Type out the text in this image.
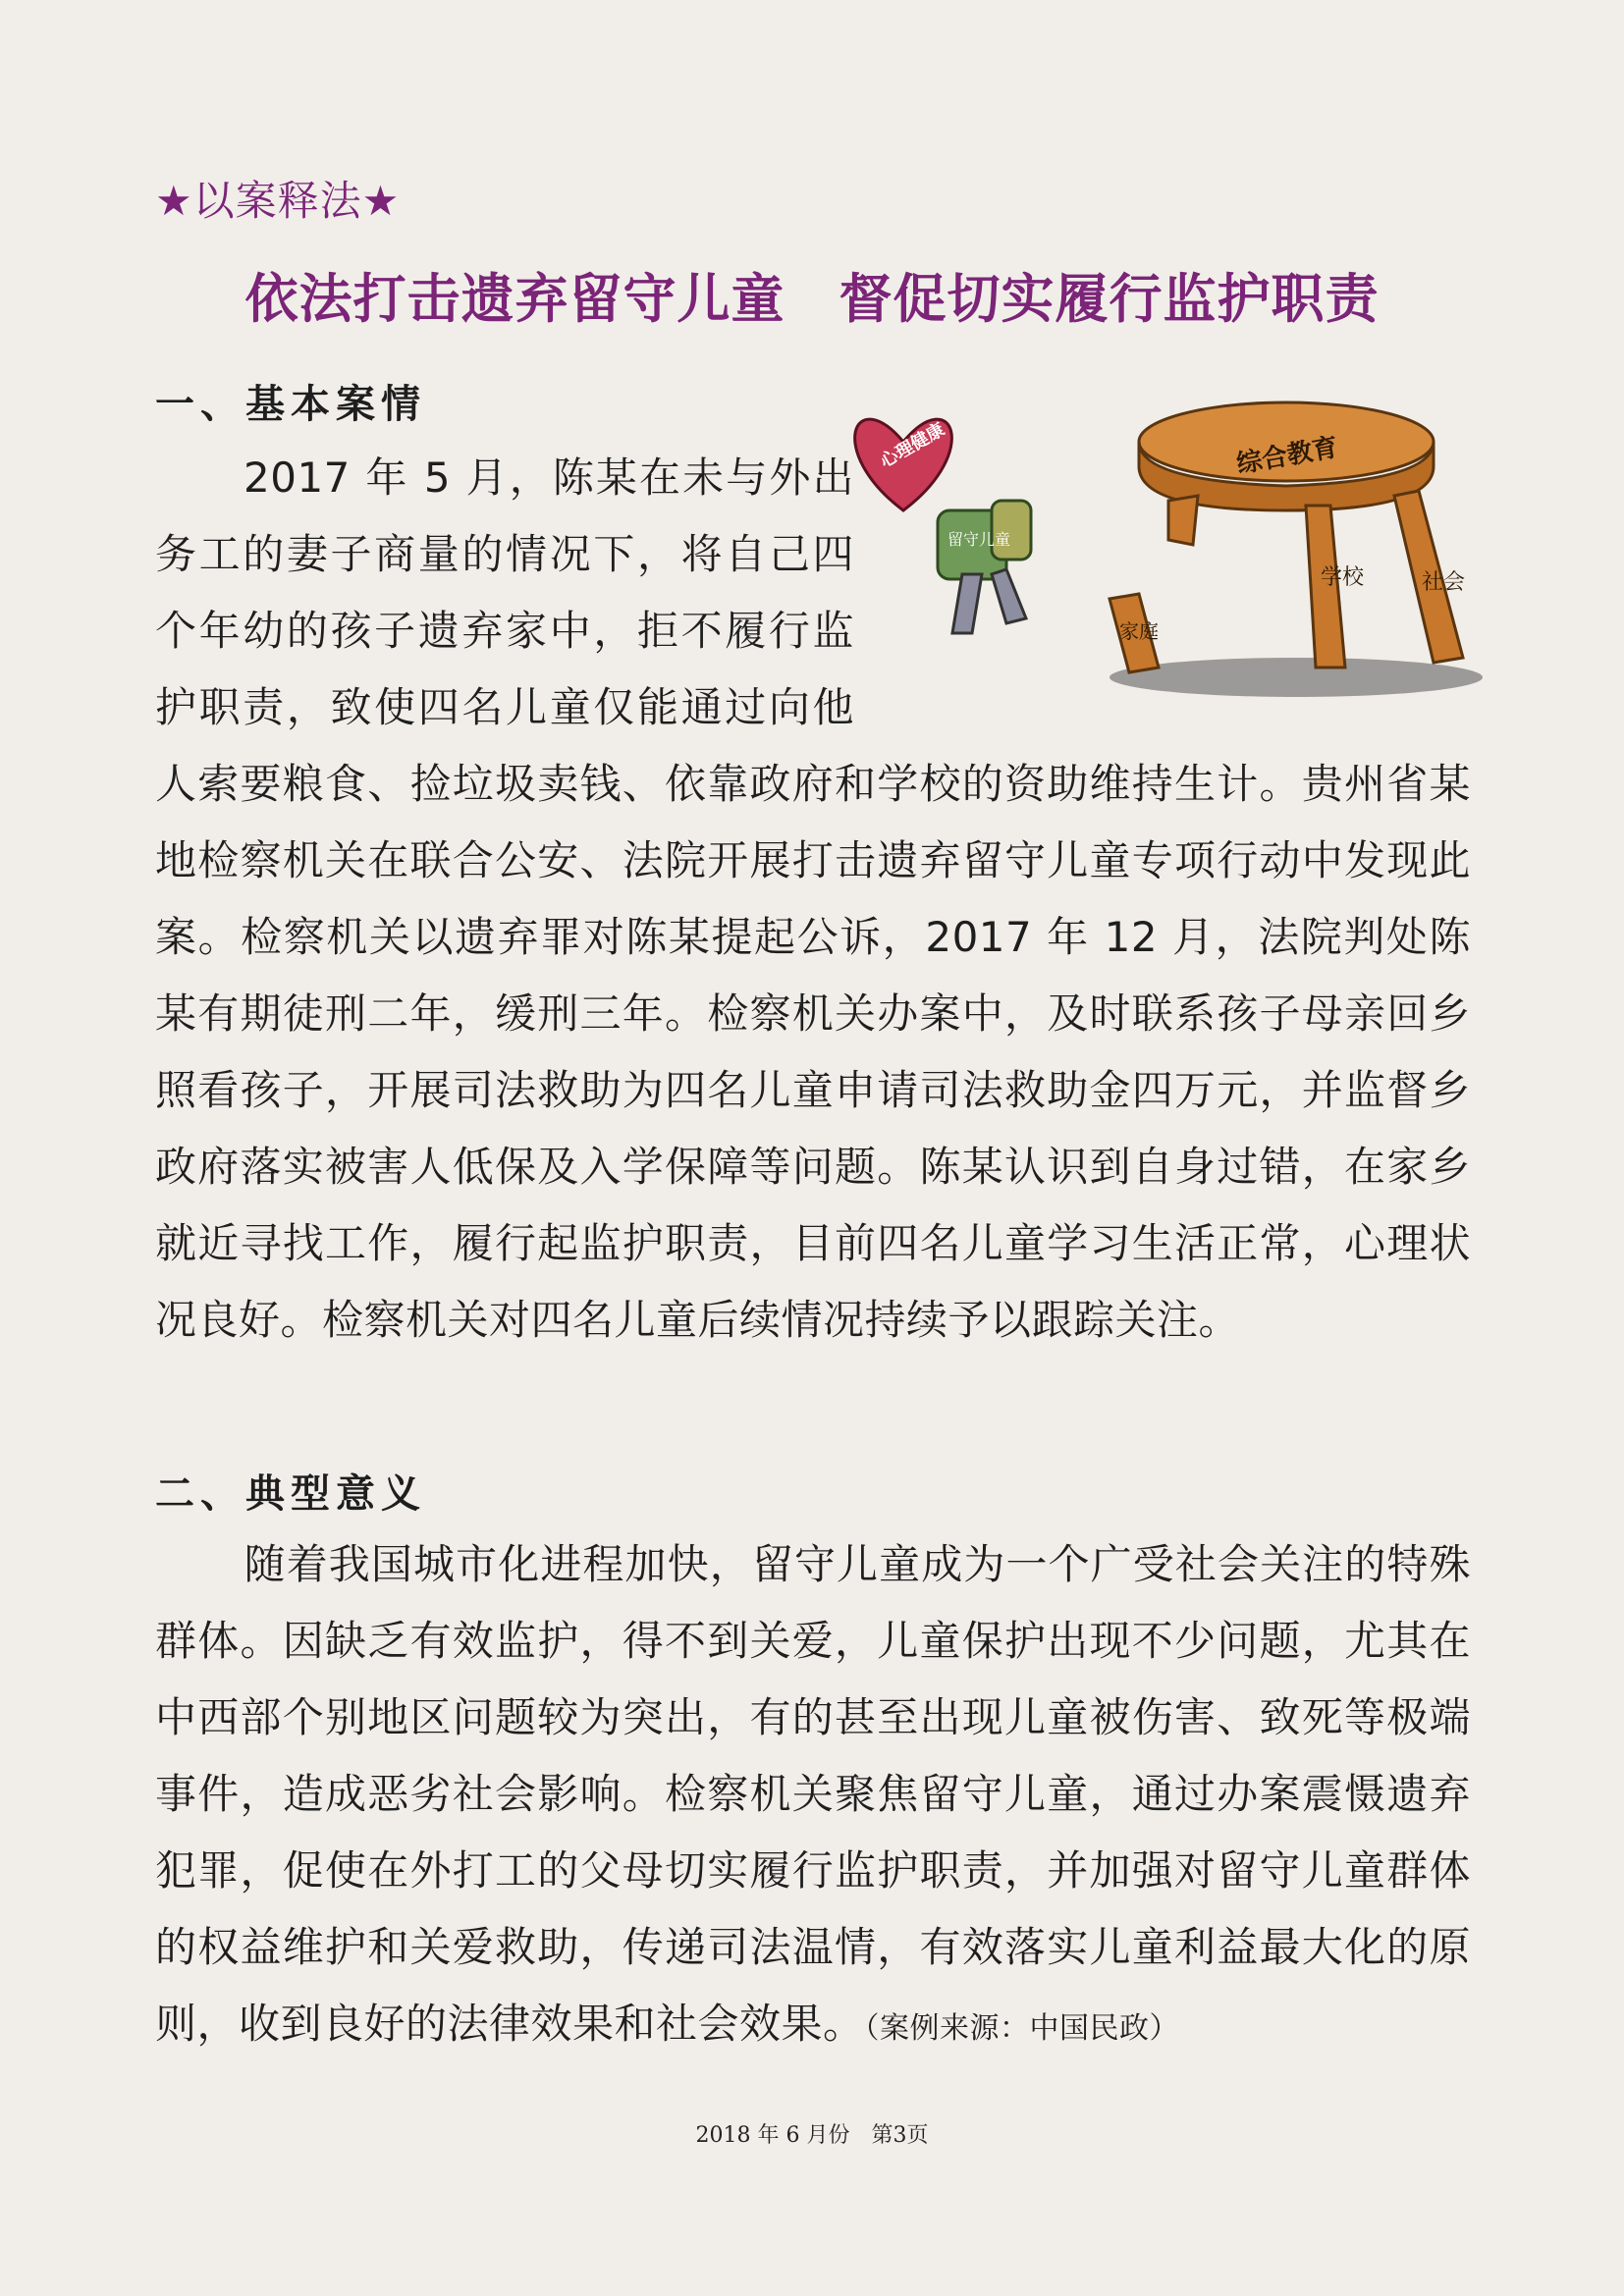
★以案释法★
依法打击遗弃留守儿童　督促切实履行监护职责
一、基本案情
综合教育
学校	社会
家庭
心理健康
留守儿童

2017 年 5 月，陈某在未与外出务工的妻子商量的情况下，将自己四个年幼的孩子遗弃家中，拒不履行监护职责，致使四名儿童仅能通过向他人索要粮食、捡垃圾卖钱、依靠政府和学校的资助维持生计。贵州省某地检察机关在联合公安、法院开展打击遗弃留守儿童专项行动中发现此案。检察机关以遗弃罪对陈某提起公诉，2017 年 12 月，法院判处陈某有期徒刑二年，缓刑三年。检察机关办案中，及时联系孩子母亲回乡照看孩子，开展司法救助为四名儿童申请司法救助金四万元，并监督乡政府落实被害人低保及入学保障等问题。陈某认识到自身过错，在家乡就近寻找工作，履行起监护职责，目前四名儿童学习生活正常，心理状况良好。检察机关对四名儿童后续情况持续予以跟踪关注。

二、典型意义

随着我国城市化进程加快，留守儿童成为一个广受社会关注的特殊群体。因缺乏有效监护，得不到关爱，儿童保护出现不少问题，尤其在中西部个别地区问题较为突出，有的甚至出现儿童被伤害、致死等极端事件，造成恶劣社会影响。检察机关聚焦留守儿童，通过办案震慑遗弃犯罪，促使在外打工的父母切实履行监护职责，并加强对留守儿童群体的权益维护和关爱救助，传递司法温情，有效落实儿童利益最大化的原则，收到良好的法律效果和社会效果。（案例来源：中国民政）

2018 年 6 月份　第3页
